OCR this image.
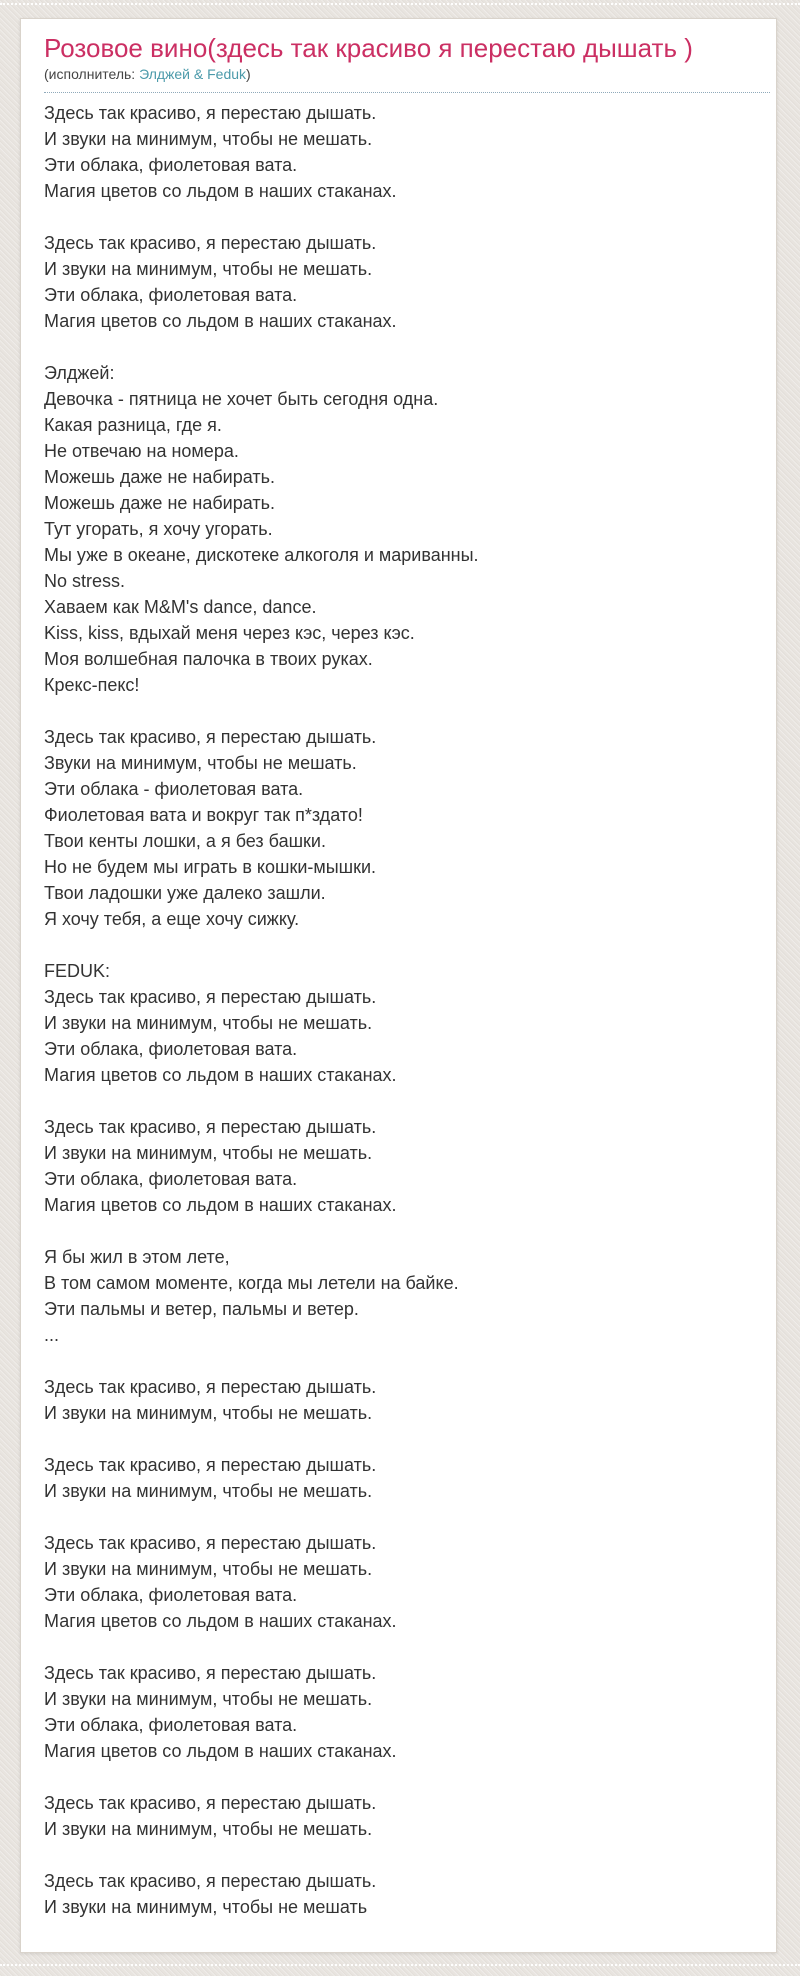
Розовое вино(здесь так красиво я перестаю дышать )
(исполнитель: Элджей & Feduk)
Здесь так красиво, я перестаю дышать.
И звуки на минимум, чтобы не мешать.
Эти облака, фиолетовая вата.
Магия цветов со льдом в наших стаканах.
Здесь так красиво, я перестаю дышать.
И звуки на минимум, чтобы не мешать.
Эти облака, фиолетовая вата.
Магия цветов со льдом в наших стаканах.
Элджей:
Девочка - пятница не хочет быть сегодня одна.
Какая разница, где я.
Не отвечаю на номера.
Можешь даже не набирать.
Можешь даже не набирать.
Тут угорать, я хочу угорать.
Мы уже в океане, дискотеке алкоголя и мариванны.
No stress.
Хаваем как M&M's dance, dance.
Kiss, kiss, вдыхай меня через кэс, через кэс.
Моя волшебная палочка в твоих руках.
Крекс-пекс!
Здесь так красиво, я перестаю дышать.
Звуки на минимум, чтобы не мешать.
Эти облака - фиолетовая вата.
Фиолетовая вата и вокруг так п*здато!
Твои кенты лошки, а я без башки.
Но не будем мы играть в кошки-мышки.
Твои ладошки уже далеко зашли.
Я хочу тебя, а еще хочу сижку.
FEDUK:
Здесь так красиво, я перестаю дышать.
И звуки на минимум, чтобы не мешать.
Эти облака, фиолетовая вата.
Магия цветов со льдом в наших стаканах.
Здесь так красиво, я перестаю дышать.
И звуки на минимум, чтобы не мешать.
Эти облака, фиолетовая вата.
Магия цветов со льдом в наших стаканах.
Я бы жил в этом лете,
В том самом моменте, когда мы летели на байке.
Эти пальмы и ветер, пальмы и ветер.
...
Здесь так красиво, я перестаю дышать.
И звуки на минимум, чтобы не мешать.
Здесь так красиво, я перестаю дышать.
И звуки на минимум, чтобы не мешать.
Здесь так красиво, я перестаю дышать.
И звуки на минимум, чтобы не мешать.
Эти облака, фиолетовая вата.
Магия цветов со льдом в наших стаканах.
Здесь так красиво, я перестаю дышать.
И звуки на минимум, чтобы не мешать.
Эти облака, фиолетовая вата.
Магия цветов со льдом в наших стаканах.
Здесь так красиво, я перестаю дышать.
И звуки на минимум, чтобы не мешать.
Здесь так красиво, я перестаю дышать.
И звуки на минимум, чтобы не мешать
